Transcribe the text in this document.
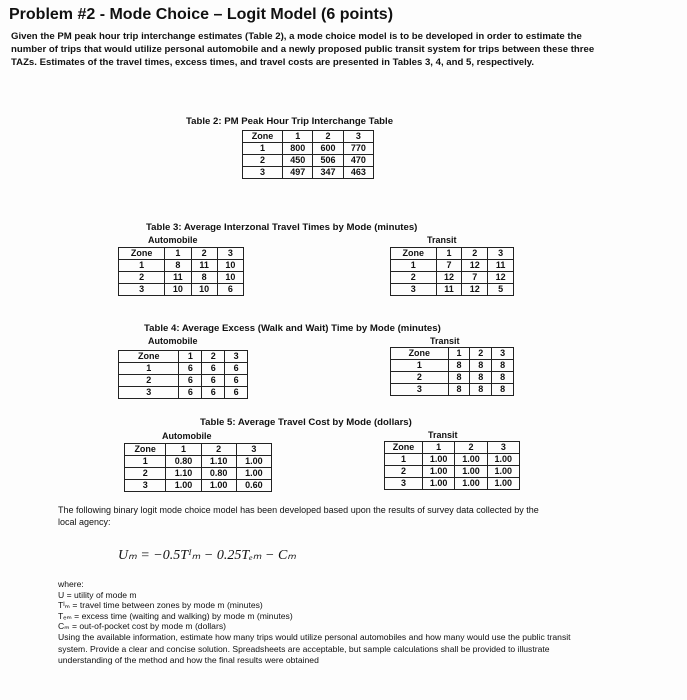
Problem #2 - Mode Choice – Logit Model (6 points)
Given the PM peak hour trip interchange estimates (Table 2), a mode choice model is to be developed in order to estimate the number of trips that would utilize personal automobile and a newly proposed public transit system for trips between these three TAZs. Estimates of the travel times, excess times, and travel costs are presented in Tables 3, 4, and 5, respectively.
Table 2: PM Peak Hour Trip Interchange Table
Zone	1	2	3
1	800	600	770
2	450	506	470
3	497	347	463
Table 3: Average Interzonal Travel Times by Mode (minutes)
Automobile	Transit
Zone	1	2	3
1	8	11	10
2	11	8	10
3	10	10	6
Zone	1	2	3
1	7	12	11
2	12	7	12
3	11	12	5
Table 4: Average Excess (Walk and Wait) Time by Mode (minutes)
Automobile	Transit
Zone	1	2	3
1	6	6	6
2	6	6	6
3	6	6	6
Zone	1	2	3
1	8	8	8
2	8	8	8
3	8	8	8
Table 5: Average Travel Cost by Mode (dollars)
Automobile	Transit
Zone	1	2	3
1	0.80	1.10	1.00
2	1.10	0.80	1.00
3	1.00	1.00	0.60
Zone	1	2	3
1	1.00	1.00	1.00
2	1.00	1.00	1.00
3	1.00	1.00	1.00
The following binary logit mode choice model has been developed based upon the results of survey data collected by the local agency:
Uₘ = −0.5Tᴵₘ − 0.25Tₑₘ − Cₘ
where:
U = utility of mode m
Tᴵₘ = travel time between zones by mode m (minutes)
Tₑₘ = excess time (waiting and walking) by mode m (minutes)
Cₘ = out-of-pocket cost by mode m (dollars)
Using the available information, estimate how many trips would utilize personal automobiles and how many would use the public transit system. Provide a clear and concise solution. Spreadsheets are acceptable, but sample calculations shall be provided to illustrate understanding of the method and how the final results were obtained
